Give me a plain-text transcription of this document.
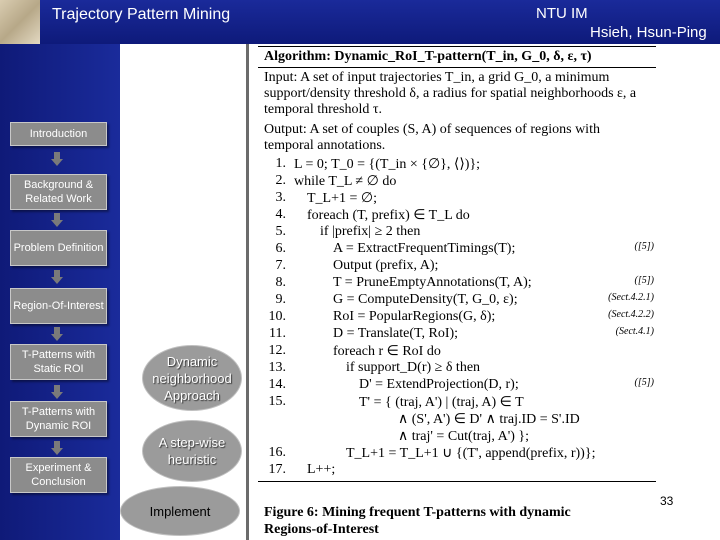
Trajectory Pattern Mining	NTU IM
Hsieh, Hsun-Ping
Introduction
Background & Related Work
Problem Definition
Region-Of-Interest
T-Patterns with Static ROI
T-Patterns with Dynamic ROI
Experiment & Conclusion
Dynamic neighborhood Approach
A step-wise heuristic
Implement
Algorithm: Dynamic_RoI_T-pattern(T_in, G_0, δ, ε, τ)
Input: A set of input trajectories T_in, a grid G_0, a minimum support/density threshold δ, a radius for spatial neighborhoods ε, a temporal threshold τ.
Output: A set of couples (S, A) of sequences of regions with temporal annotations.
1. L = 0; T_0 = {(T_in × {∅}, ⟨⟩)};
2. while T_L ≠ ∅ do
3. T_L+1 = ∅;
4. foreach (T, prefix) ∈ T_L do
5. if |prefix| ≥ 2 then
6.	A = ExtractFrequentTimings(T);	([5])
7.	Output (prefix, A);
8.	T = PruneEmptyAnnotations(T, A);	([5])
9.	G = ComputeDensity(T, G_0, ε);	(Sect.4.2.1)
10.	RoI = PopularRegions(G, δ);	(Sect.4.2.2)
11.	D = Translate(T, RoI);	(Sect.4.1)
12.	foreach r ∈ RoI do
13.	if support_D(r) ≥ δ then
14.	D' = ExtendProjection(D, r);	([5])
15.	T' = { (traj, A') | (traj, A) ∈ T
∧ (S', A') ∈ D' ∧ traj.ID = S'.ID
∧ traj' = Cut(traj, A') };
16.	T_L+1 = T_L+1 ∪ {(T', append(prefix, r))};
17. L++;
Figure 6: Mining frequent T-patterns with dynamic
Regions-of-Interest
33
